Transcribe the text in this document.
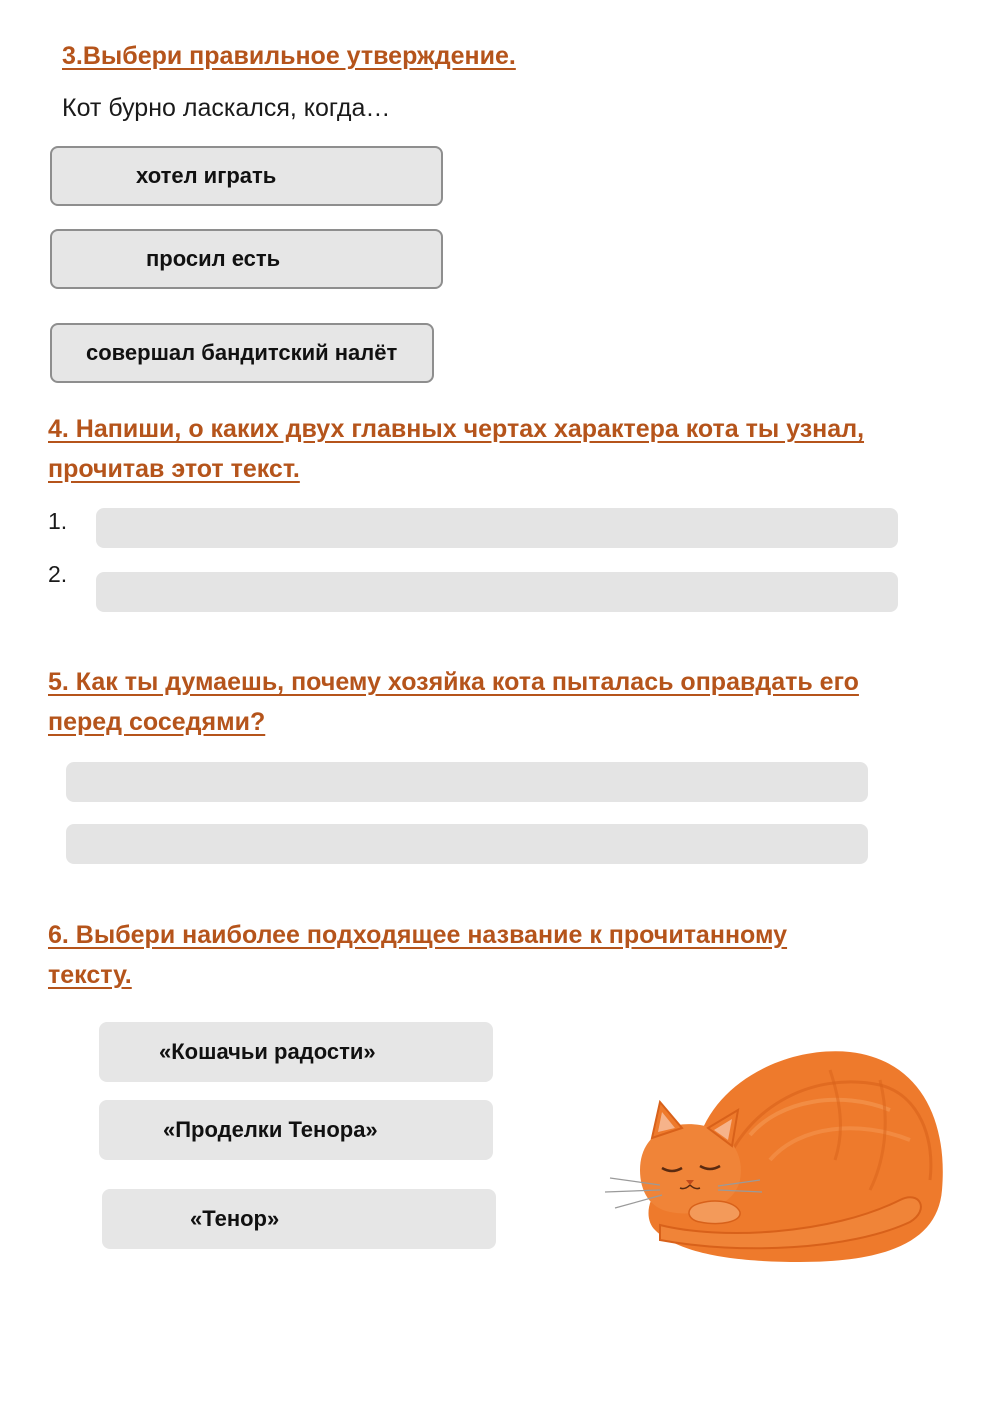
3.Выбери правильное утверждение.
Кот бурно ласкался, когда…
хотел играть
просил есть
совершал бандитский налёт
4. Напиши, о каких двух главных чертах характера кота ты узнал,
прочитав этот текст.
1.
2.
5. Как ты думаешь, почему хозяйка кота пыталась оправдать его
перед соседями?
6. Выбери наиболее подходящее название к прочитанному
тексту.
«Кошачьи радости»
«Проделки Тенора»
«Тенор»
